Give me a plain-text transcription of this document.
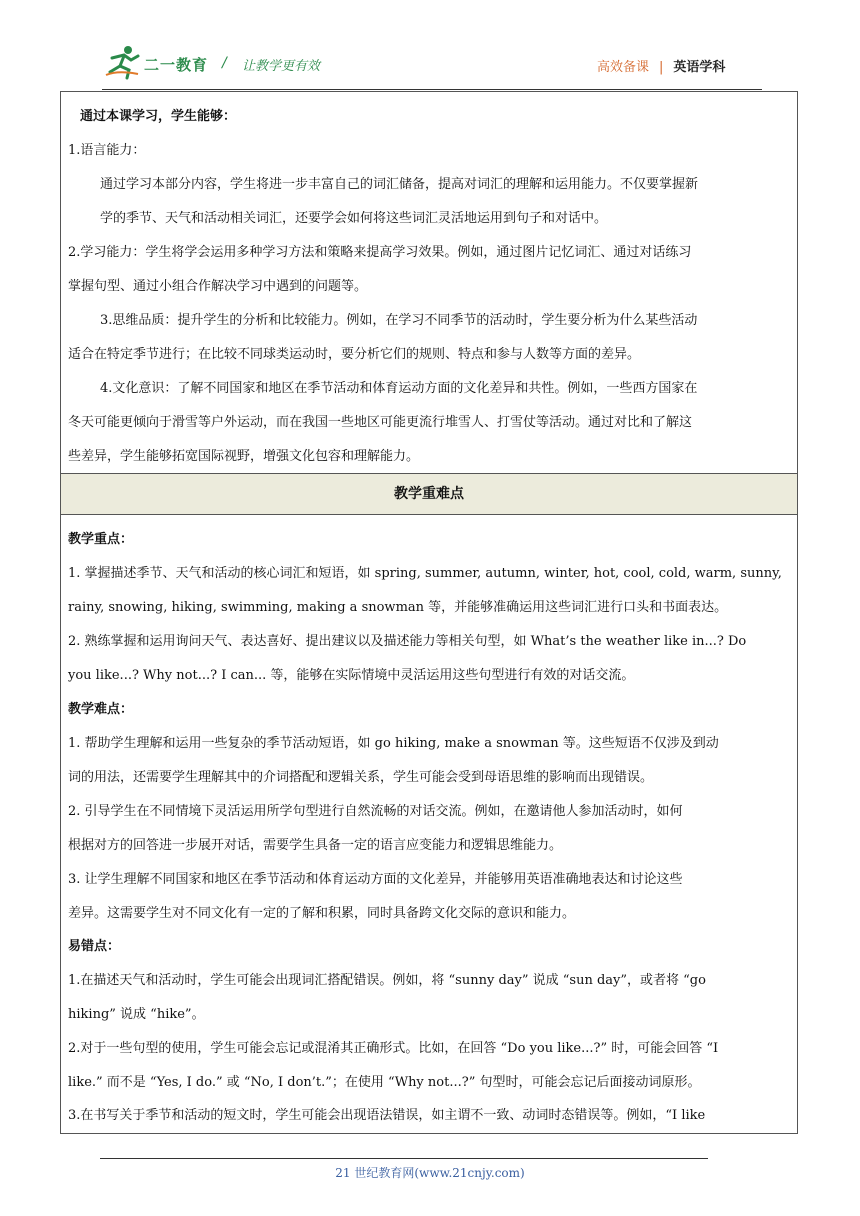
二一教育 / 让教学更有效	高效备课 | 英语学科
通过本课学习，学生能够：
1.语言能力：
通过学习本部分内容，学生将进一步丰富自己的词汇储备，提高对词汇的理解和运用能力。不仅要掌握新
学的季节、天气和活动相关词汇，还要学会如何将这些词汇灵活地运用到句子和对话中。
2.学习能力：学生将学会运用多种学习方法和策略来提高学习效果。例如，通过图片记忆词汇、通过对话练习
掌握句型、通过小组合作解决学习中遇到的问题等。
3.思维品质：提升学生的分析和比较能力。例如，在学习不同季节的活动时，学生要分析为什么某些活动
适合在特定季节进行；在比较不同球类运动时，要分析它们的规则、特点和参与人数等方面的差异。
4.文化意识：了解不同国家和地区在季节活动和体育运动方面的文化差异和共性。例如，一些西方国家在
冬天可能更倾向于滑雪等户外运动，而在我国一些地区可能更流行堆雪人、打雪仗等活动。通过对比和了解这
些差异，学生能够拓宽国际视野，增强文化包容和理解能力。
教学重难点
教学重点：
1. 掌握描述季节、天气和活动的核心词汇和短语，如 spring, summer, autumn, winter, hot, cool, cold, warm, sunny,
rainy, snowing, hiking, swimming, making a snowman 等，并能够准确运用这些词汇进行口头和书面表达。
2. 熟练掌握和运用询问天气、表达喜好、提出建议以及描述能力等相关句型，如 What’s the weather like in...? Do
you like...? Why not...? I can... 等，能够在实际情境中灵活运用这些句型进行有效的对话交流。
教学难点：
1. 帮助学生理解和运用一些复杂的季节活动短语，如 go hiking, make a snowman 等。这些短语不仅涉及到动
词的用法，还需要学生理解其中的介词搭配和逻辑关系，学生可能会受到母语思维的影响而出现错误。
2. 引导学生在不同情境下灵活运用所学句型进行自然流畅的对话交流。例如，在邀请他人参加活动时，如何
根据对方的回答进一步展开对话，需要学生具备一定的语言应变能力和逻辑思维能力。
3. 让学生理解不同国家和地区在季节活动和体育运动方面的文化差异，并能够用英语准确地表达和讨论这些
差异。这需要学生对不同文化有一定的了解和积累，同时具备跨文化交际的意识和能力。
易错点：
1.在描述天气和活动时，学生可能会出现词汇搭配错误。例如，将 “sunny day” 说成 “sun day”，或者将 “go
hiking” 说成 “hike”。
2.对于一些句型的使用，学生可能会忘记或混淆其正确形式。比如，在回答 “Do you like...?” 时，可能会回答 “I
like.” 而不是 “Yes, I do.” 或 “No, I don’t.”；在使用 “Why not...?” 句型时，可能会忘记后面接动词原形。
3.在书写关于季节和活动的短文时，学生可能会出现语法错误，如主谓不一致、动词时态错误等。例如，“I like
21 世纪教育网(www.21cnjy.com)
